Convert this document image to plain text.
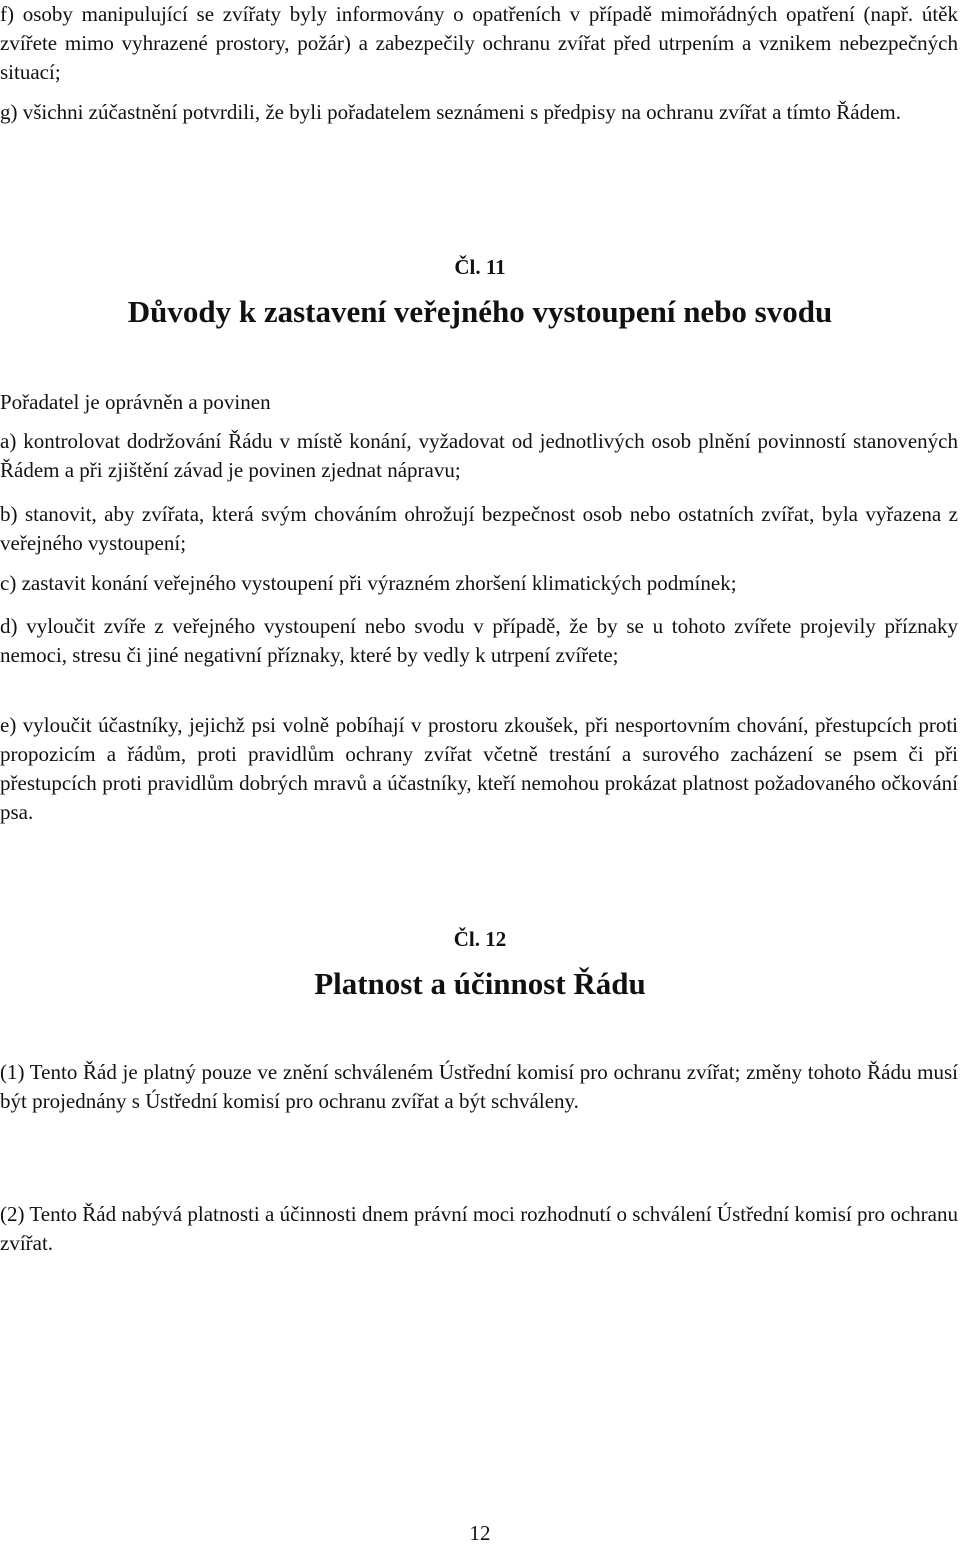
f) osoby manipulující se zvířaty byly informovány o opatřeních v případě mimořádných opatření (např. útěk zvířete mimo vyhrazené prostory, požár) a zabezpečily ochranu zvířat před utrpením a vznikem nebezpečných situací;

g) všichni zúčastnění potvrdili, že byli pořadatelem seznámeni s předpisy na ochranu zvířat a tímto Řádem.

Čl. 11
Důvody k zastavení veřejného vystoupení nebo svodu

Pořadatel je oprávněn a povinen

a) kontrolovat dodržování Řádu v místě konání, vyžadovat od jednotlivých osob plnění povinností stanovených Řádem a při zjištění závad je povinen zjednat nápravu;

b) stanovit, aby zvířata, která svým chováním ohrožují bezpečnost osob nebo ostatních zvířat, byla vyřazena z veřejného vystoupení;

c) zastavit konání veřejného vystoupení při výrazném zhoršení klimatických podmínek;

d) vyloučit zvíře z veřejného vystoupení nebo svodu v případě, že by se u tohoto zvířete projevily příznaky nemoci, stresu či jiné negativní příznaky, které by vedly k utrpení zvířete;

e) vyloučit účastníky, jejichž psi volně pobíhají v prostoru zkoušek, při nesportovním chování, přestupcích proti propozicím a řádům, proti pravidlům ochrany zvířat včetně trestání a surového zacházení se psem či při přestupcích proti pravidlům dobrých mravů a účastníky, kteří nemohou prokázat platnost požadovaného očkování psa.

Čl. 12
Platnost a účinnost Řádu

(1) Tento Řád je platný pouze ve znění schváleném Ústřední komisí pro ochranu zvířat; změny tohoto Řádu musí být projednány s Ústřední komisí pro ochranu zvířat a být schváleny.

(2) Tento Řád nabývá platnosti a účinnosti dnem právní moci rozhodnutí o schválení Ústřední komisí pro ochranu zvířat.

12
